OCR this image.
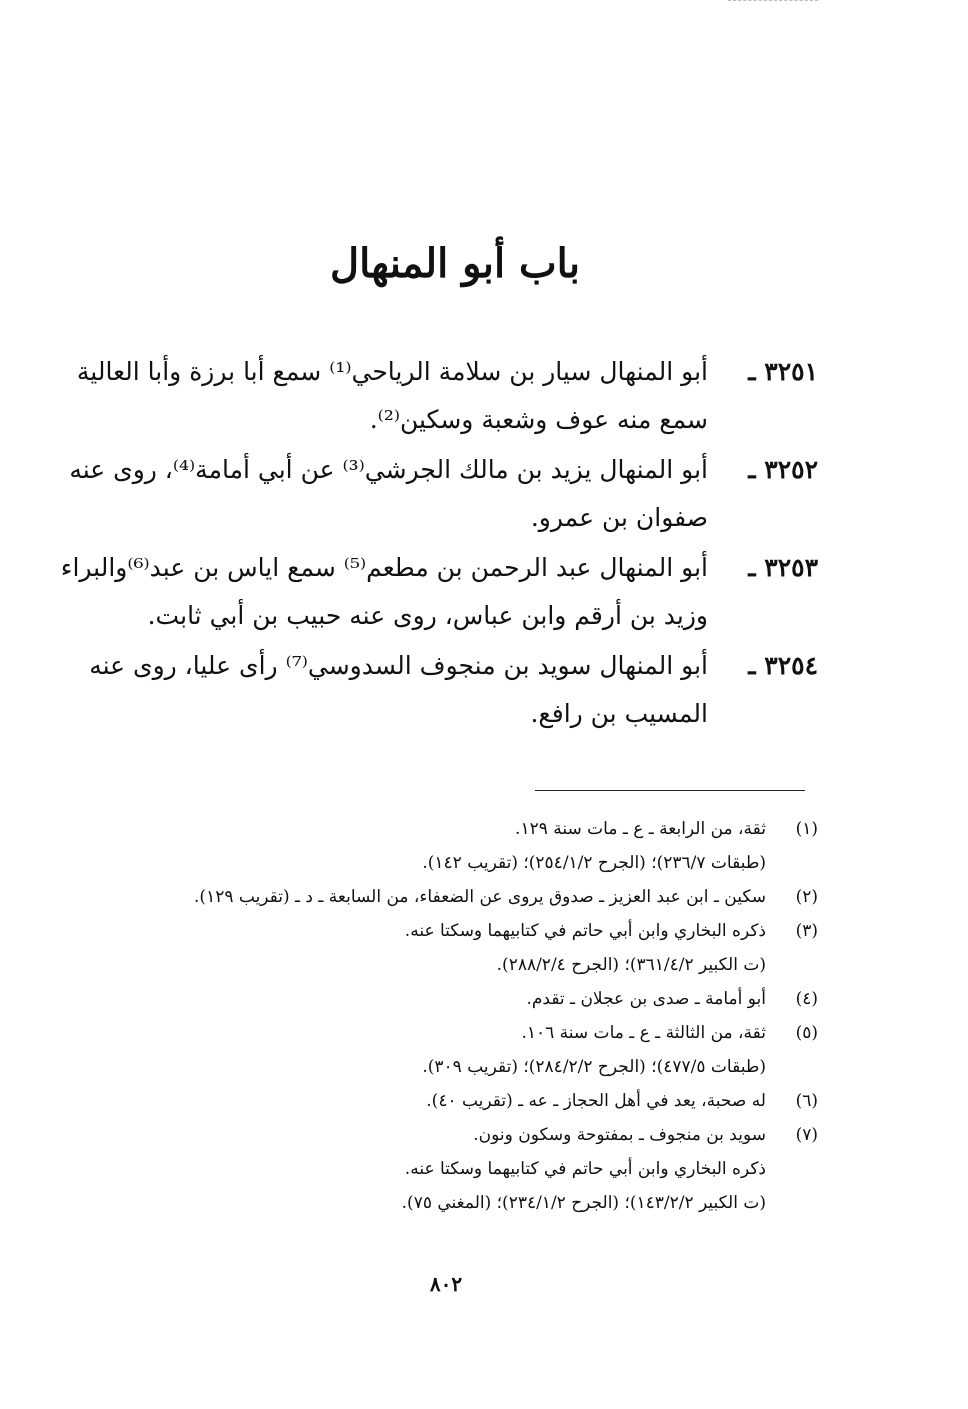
باب أبو المنهال
٣٢٥١ ـ
أبو المنهال سيار بن سلامة الرياحي⁽¹⁾ سمع أبا برزة وأبا العالية
سمع منه عوف وشعبة وسكين⁽²⁾.
٣٢٥٢ ـ
أبو المنهال يزيد بن مالك الجرشي⁽³⁾ عن أبي أمامة⁽⁴⁾، روى عنه
صفوان بن عمرو.
٣٢٥٣ ـ
أبو المنهال عبد الرحمن بن مطعم⁽⁵⁾ سمع اياس بن عبد⁽⁶⁾والبراء
وزيد بن أرقم وابن عباس، روى عنه حبيب بن أبي ثابت.
٣٢٥٤ ـ
أبو المنهال سويد بن منجوف السدوسي⁽⁷⁾ رأى عليا، روى عنه
المسيب بن رافع.
(١)
ثقة، من الرابعة ـ ع ـ مات سنة ١٢٩.
(طبقات ٢٣٦/٧)؛ (الجرح ٢٥٤/١/٢)؛ (تقريب ١٤٢).
(٢)
سكين ـ ابن عبد العزيز ـ صدوق يروى عن الضعفاء، من السابعة ـ د ـ (تقريب ١٢٩).
(٣)
ذكره البخاري وابن أبي حاتم في كتابيهما وسكتا عنه.
(ت الكبير ٣٦١/٤/٢)؛ (الجرح ٢٨٨/٢/٤).
(٤)
أبو أمامة ـ صدى بن عجلان ـ تقدم.
(٥)
ثقة، من الثالثة ـ ع ـ مات سنة ١٠٦.
(طبقات ٤٧٧/٥)؛ (الجرح ٢٨٤/٢/٢)؛ (تقريب ٣٠٩).
(٦)
له صحبة، يعد في أهل الحجاز ـ عه ـ (تقريب ٤٠).
(٧)
سويد بن منجوف ـ بمفتوحة وسكون ونون.
ذكره البخاري وابن أبي حاتم في كتابيهما وسكتا عنه.
(ت الكبير ١٤٣/٢/٢)؛ (الجرح ٢٣٤/١/٢)؛ (المغني ٧٥).
٨٠٢
